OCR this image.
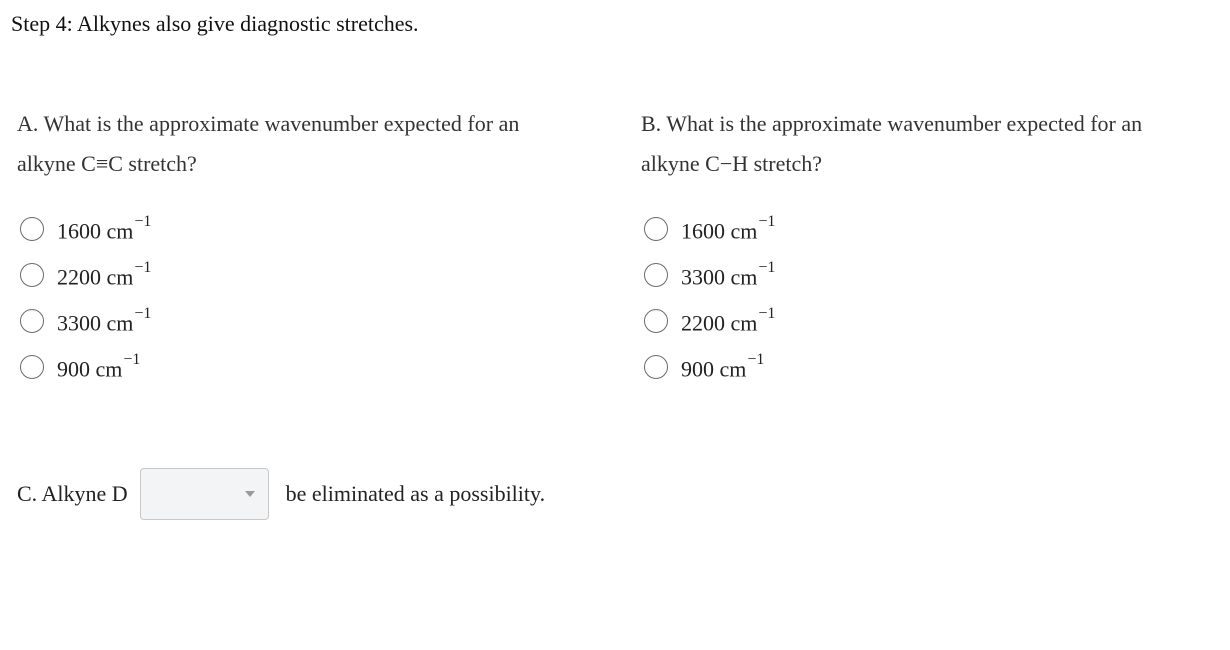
Step 4: Alkynes also give diagnostic stretches.

A. What is the approximate wavenumber expected for an

alkyne C≡C stretch?

1600 $cm^{-1}$
2200 $cm^{-1}$
3300 $cm^{-1}$
900 $cm^{-1}$

B. What is the approximate wavenumber expected for an

alkyne C−H stretch?

1600 $cm^{-1}$
3300 $cm^{-1}$
2200 $cm^{-1}$
900 $cm^{-1}$
C. Alkyne D	be eliminated as a possibility.
